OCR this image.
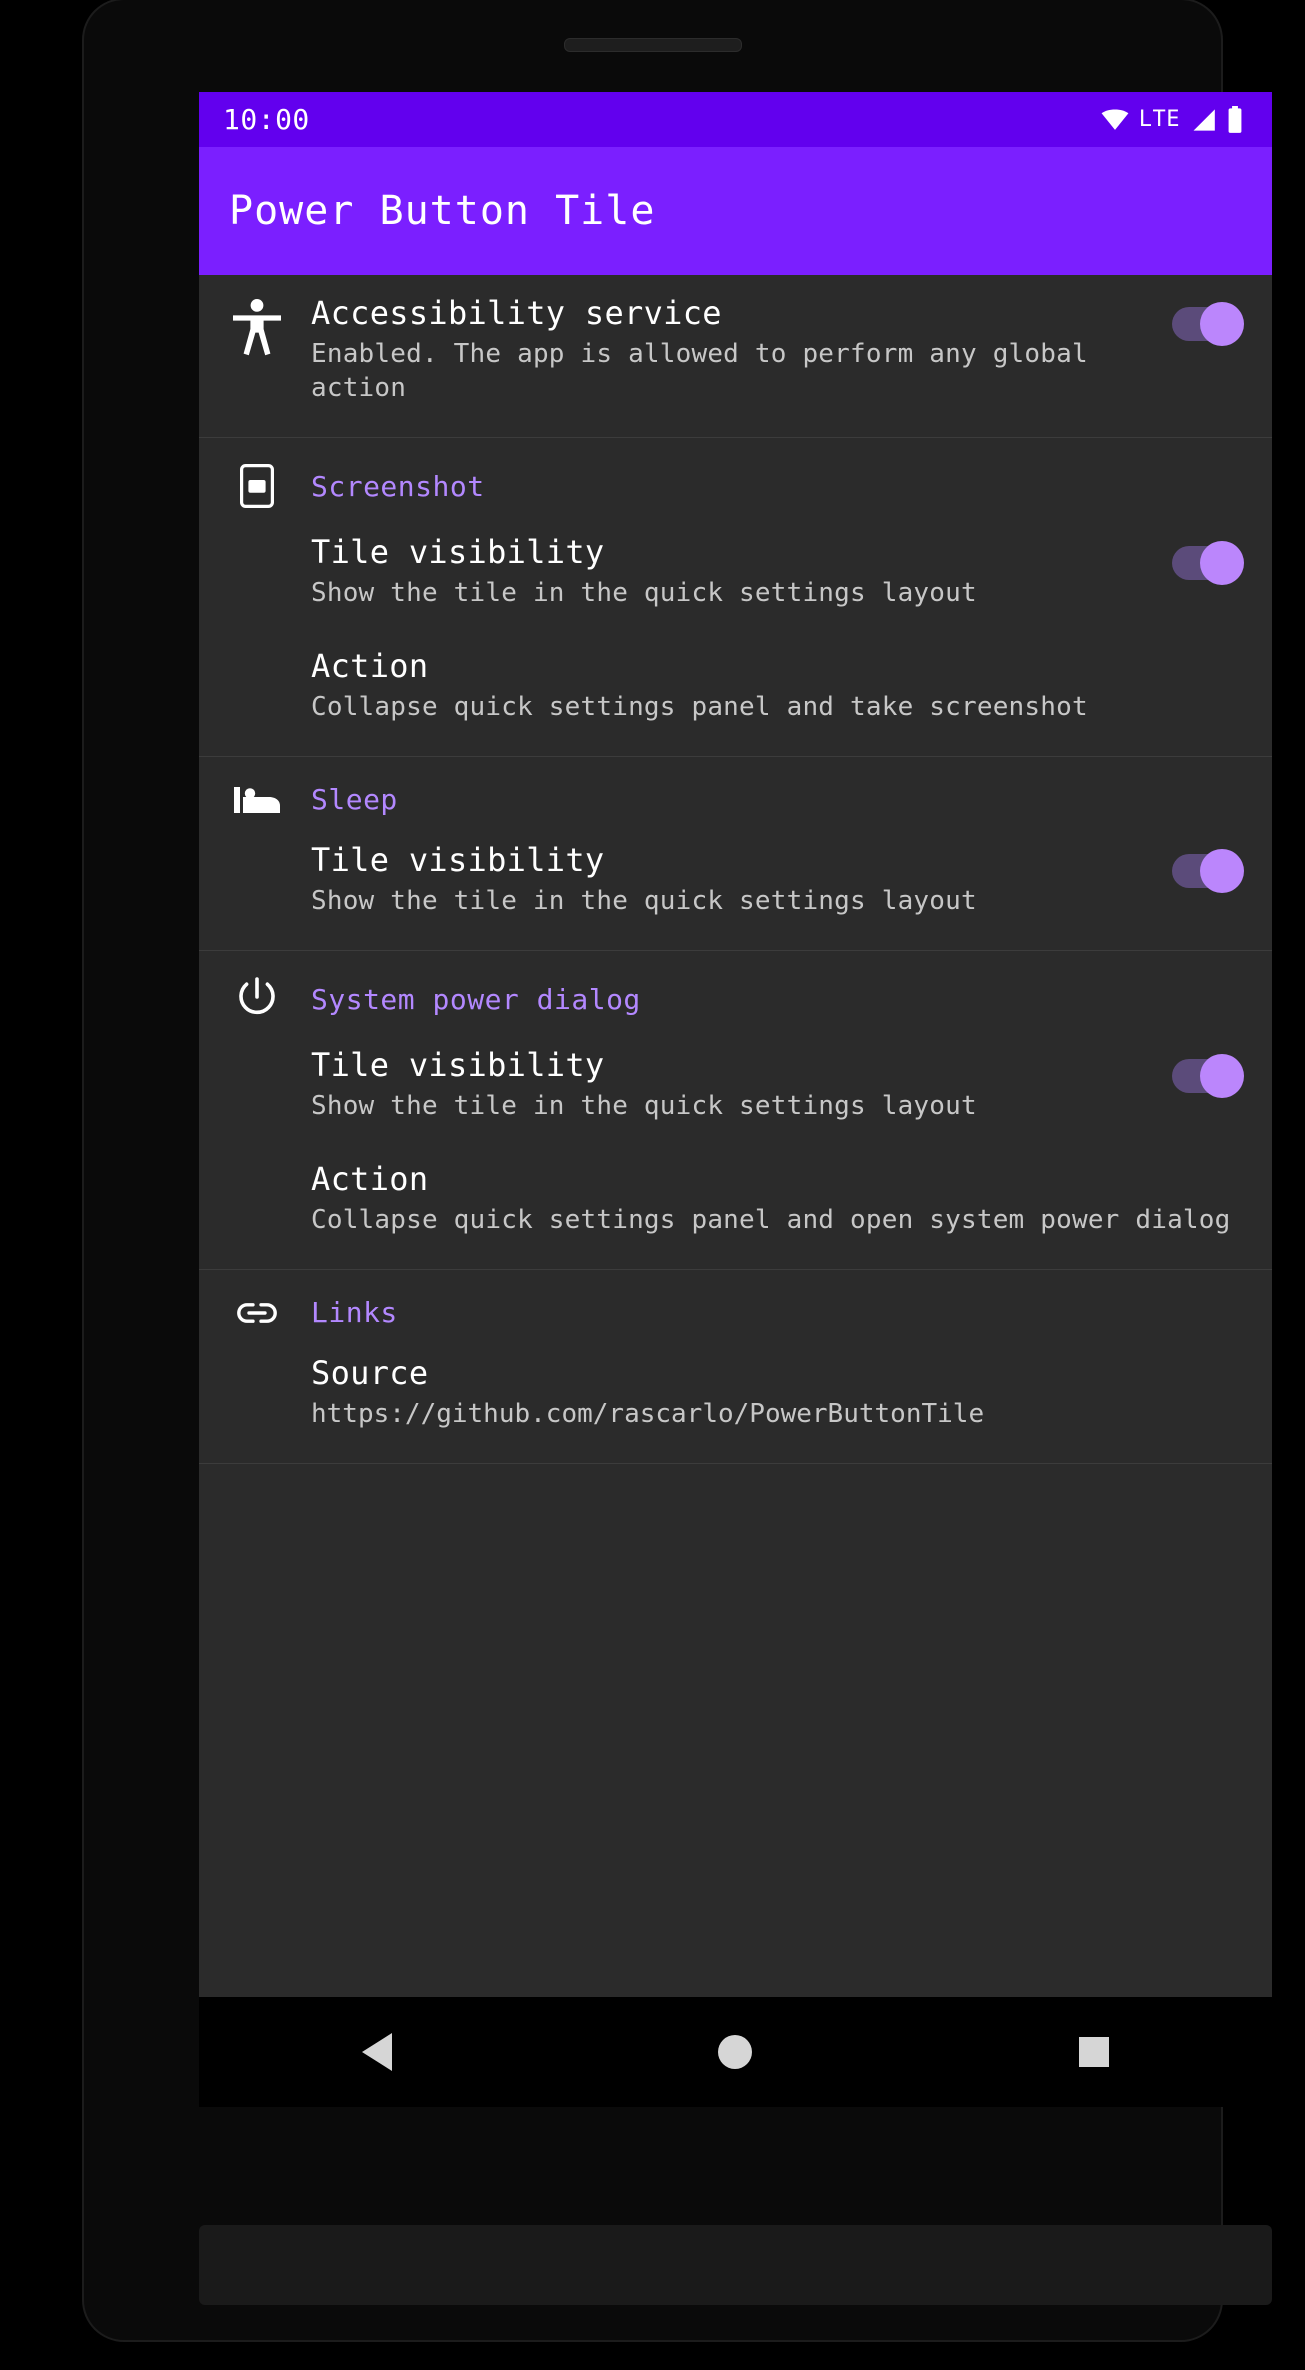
10:00	LTE
Power Button Tile
Accessibility service
Enabled. The app is allowed to perform any global action
Screenshot
Tile visibility
Show the tile in the quick settings layout
Action
Collapse quick settings panel and take screenshot
Sleep
Tile visibility
Show the tile in the quick settings layout
System power dialog
Tile visibility
Show the tile in the quick settings layout
Action
Collapse quick settings panel and open system power dialog
Links
Source
https://github.com/rascarlo/PowerButtonTile
